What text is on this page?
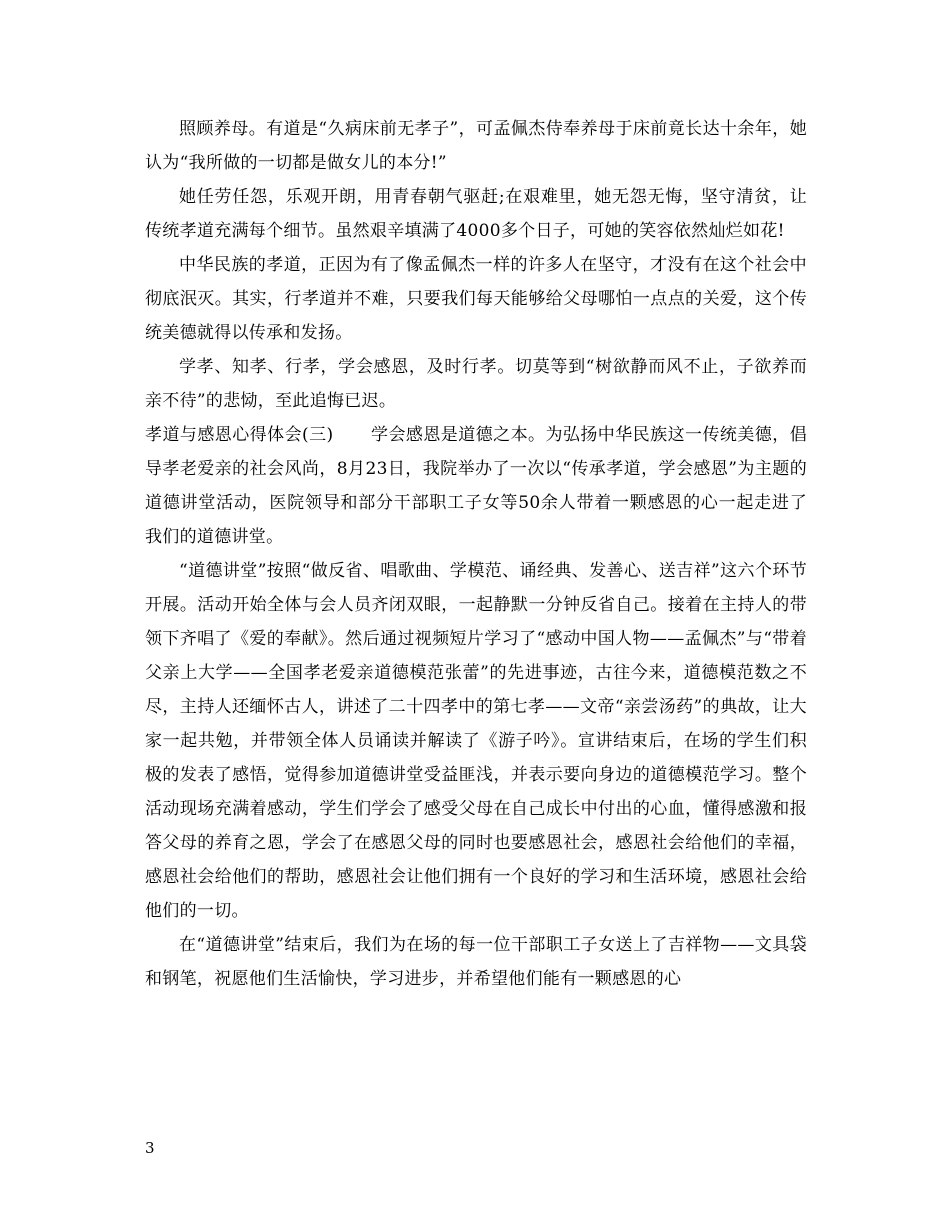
照顾养母。有道是“久病床前无孝子”，可孟佩杰侍奉养母于床前竟长达十余年，她认为“我所做的一切都是做女儿的本分!”

她任劳任怨，乐观开朗，用青春朝气驱赶;在艰难里，她无怨无悔，坚守清贫，让传统孝道充满每个细节。虽然艰辛填满了4000多个日子，可她的笑容依然灿烂如花!

中华民族的孝道，正因为有了像孟佩杰一样的许多人在坚守，才没有在这个社会中彻底泯灭。其实，行孝道并不难，只要我们每天能够给父母哪怕一点点的关爱，这个传统美德就得以传承和发扬。

学孝、知孝、行孝，学会感恩，及时行孝。切莫等到“树欲静而风不止，子欲养而亲不待”的悲恸，至此追悔已迟。

孝道与感恩心得体会(三) 学会感恩是道德之本。为弘扬中华民族这一传统美德，倡导孝老爱亲的社会风尚，8月23日，我院举办了一次以“传承孝道，学会感恩”为主题的道德讲堂活动，医院领导和部分干部职工子女等50余人带着一颗感恩的心一起走进了我们的道德讲堂。

“道德讲堂”按照“做反省、唱歌曲、学模范、诵经典、发善心、送吉祥”这六个环节开展。活动开始全体与会人员齐闭双眼，一起静默一分钟反省自己。接着在主持人的带领下齐唱了《爱的奉献》。然后通过视频短片学习了“感动中国人物——孟佩杰”与“带着父亲上大学——全国孝老爱亲道德模范张蕾”的先进事迹，古往今来，道德模范数之不尽，主持人还缅怀古人，讲述了二十四孝中的第七孝——文帝“亲尝汤药”的典故，让大家一起共勉，并带领全体人员诵读并解读了《游子吟》。宣讲结束后，在场的学生们积极的发表了感悟，觉得参加道德讲堂受益匪浅，并表示要向身边的道德模范学习。整个活动现场充满着感动，学生们学会了感受父母在自己成长中付出的心血，懂得感激和报答父母的养育之恩，学会了在感恩父母的同时也要感恩社会，感恩社会给他们的幸福，感恩社会给他们的帮助，感恩社会让他们拥有一个良好的学习和生活环境，感恩社会给他们的一切。

在“道德讲堂”结束后，我们为在场的每一位干部职工子女送上了吉祥物——文具袋和钢笔，祝愿他们生活愉快，学习进步，并希望他们能有一颗感恩的心

3
